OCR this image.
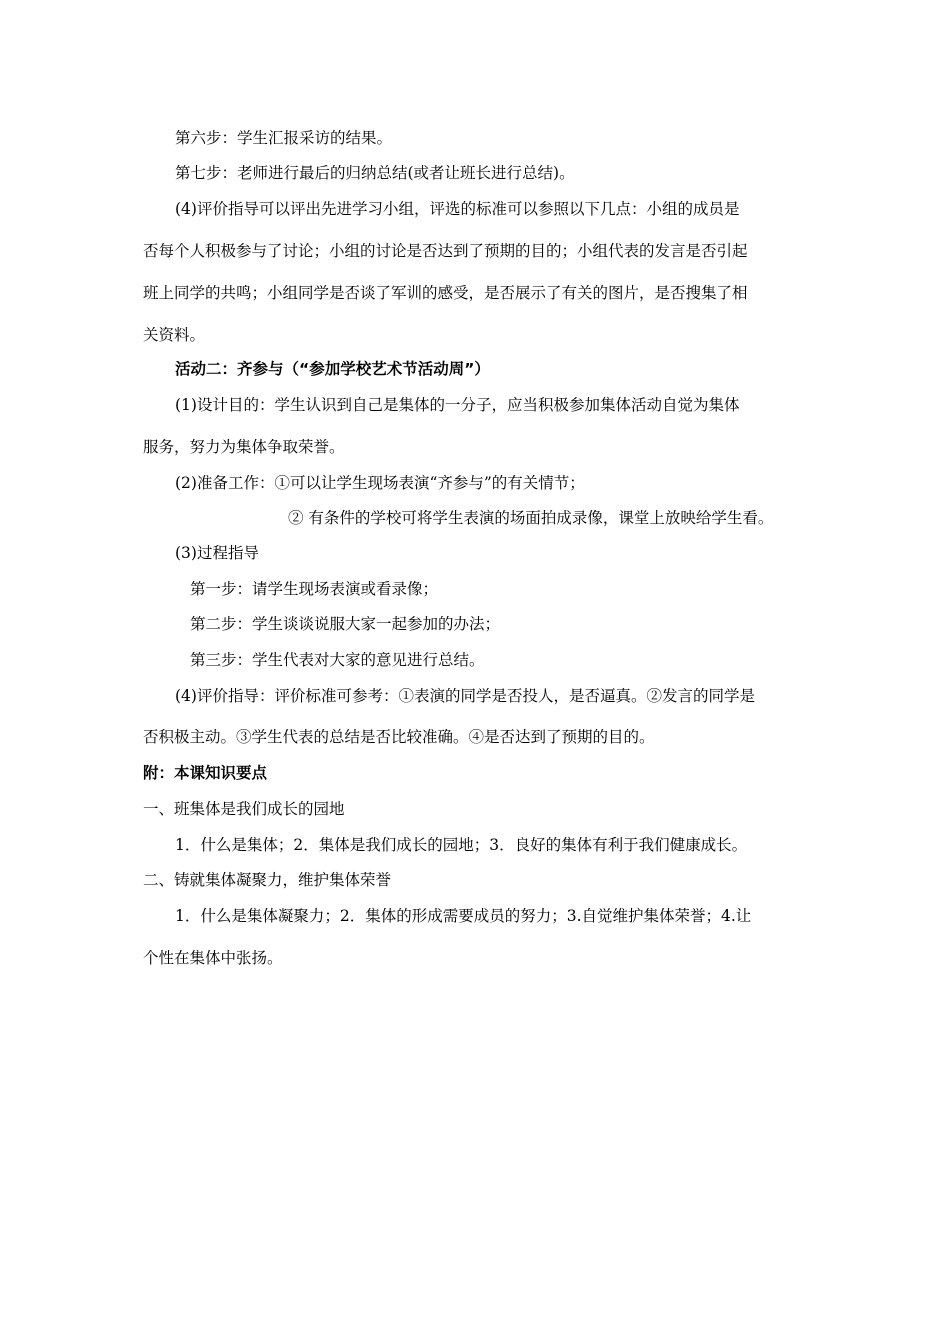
第六步：学生汇报采访的结果。
第七步：老师进行最后的归纳总结(或者让班长进行总结)。
(4)评价指导可以评出先进学习小组，评选的标准可以参照以下几点：小组的成员是
否每个人积极参与了讨论；小组的讨论是否达到了预期的目的；小组代表的发言是否引起
班上同学的共鸣；小组同学是否谈了军训的感受，是否展示了有关的图片，是否搜集了相
关资料。
活动二：齐参与（“参加学校艺术节活动周”）
(1)设计目的：学生认识到自己是集体的一分子，应当积极参加集体活动自觉为集体
服务，努力为集体争取荣誉。
(2)准备工作：①可以让学生现场表演“齐参与”的有关情节；
② 有条件的学校可将学生表演的场面拍成录像，课堂上放映给学生看。
(3)过程指导
第一步：请学生现场表演或看录像；
第二步：学生谈谈说服大家一起参加的办法；
第三步：学生代表对大家的意见进行总结。
(4)评价指导：评价标准可参考：①表演的同学是否投人，是否逼真。②发言的同学是
否积极主动。③学生代表的总结是否比较准确。④是否达到了预期的目的。
附：本课知识要点
一、班集体是我们成长的园地
1．什么是集体；2．集体是我们成长的园地；3．良好的集体有利于我们健康成长。
二、铸就集体凝聚力，维护集体荣誉
1．什么是集体凝聚力；2．集体的形成需要成员的努力；3.自觉维护集体荣誉；4.让
个性在集体中张扬。
